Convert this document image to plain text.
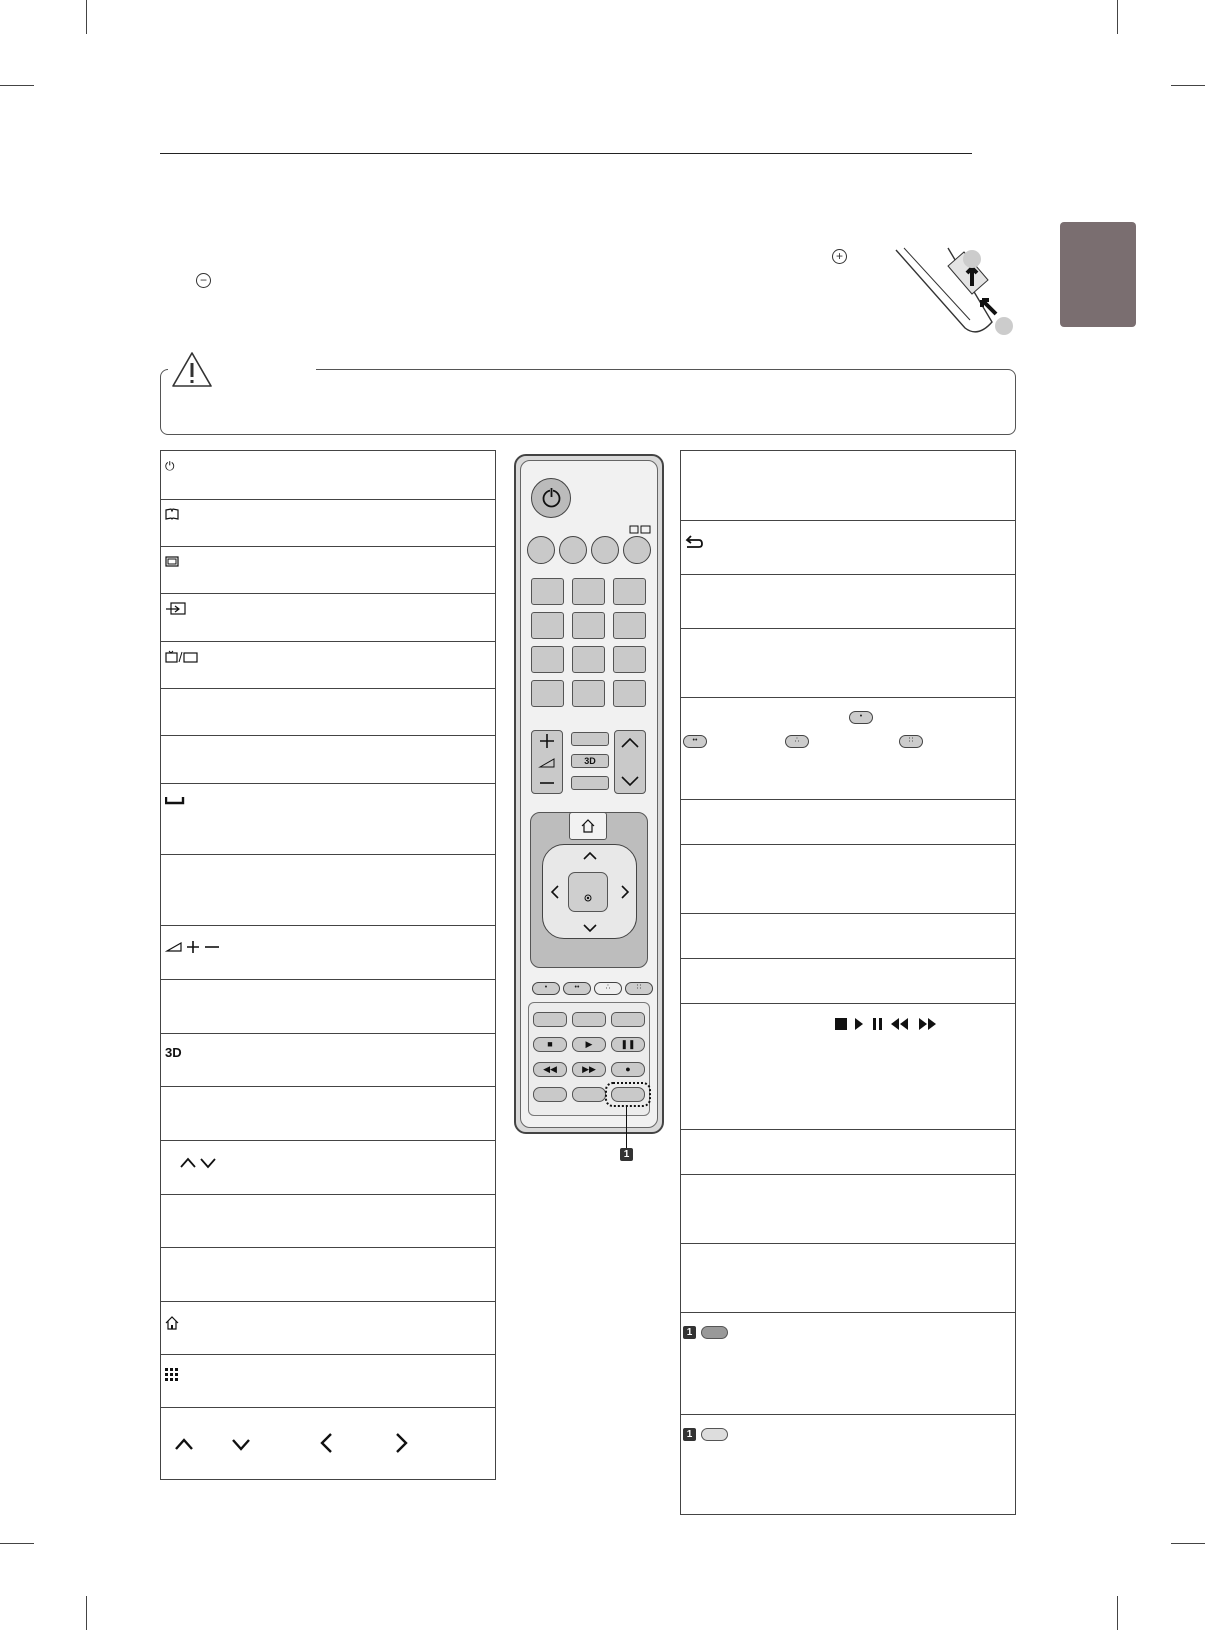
+
−
⏻
3D
•
••	∴	∷
1
1
3D
•	••	∴	∷
■	▶	❚❚
◀◀	▶▶	●
1
